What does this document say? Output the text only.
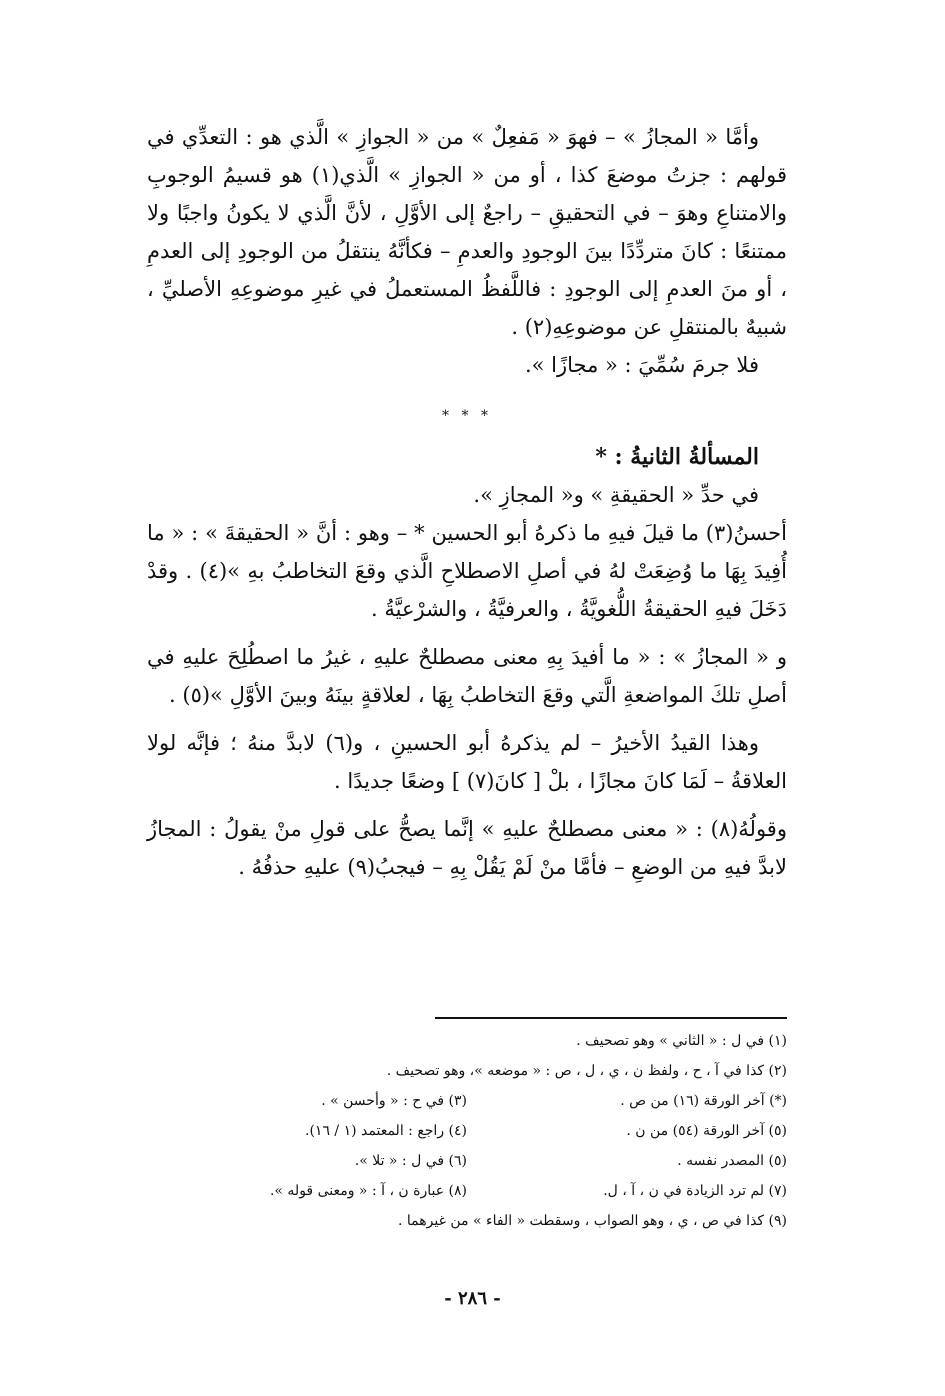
وأمَّا « المجازُ » – فهوَ « مَفعِلٌ » من « الجوازِ » الَّذي هو : التعدِّي في قولهم : جزتُ موضعَ كذا ، أو من « الجوازِ » الَّذي(١) هو قسيمُ الوجوبِ والامتناعِ وهوَ – في التحقيقِ – راجعٌ إلى الأوَّلِ ، لأنَّ الَّذي لا يكونُ واجبًا ولا ممتنعًا : كانَ متردِّدًا بينَ الوجودِ والعدمِ – فكأنَّهُ ينتقلُ من الوجودِ إلى العدمِ ، أو منَ العدمِ إلى الوجودِ : فاللَّفظُ المستعملُ في غيرِ موضوعِهِ الأصليِّ ، شبيهٌ بالمنتقلِ عن موضوعِهِ(٢) .

فلا جرمَ سُمِّيَ : « مجازًا ».

* * *

المسألةُ الثانيةُ : *

في حدِّ « الحقيقةِ » و« المجازِ ».

أحسنُ(٣) ما قيلَ فيهِ ما ذكرهُ أبو الحسين * – وهو : أنَّ « الحقيقةَ » : « ما أُفِيدَ بِهَا ما وُضِعَتْ لهُ في أصلِ الاصطلاحِ الَّذي وقعَ التخاطبُ بهِ »(٤) . وقدْ دَخَلَ فيهِ الحقيقةُ اللُّغويَّةُ ، والعرفيَّةُ ، والشرْعيَّةُ .

و « المجازُ » : « ما أفيدَ بِهِ معنى مصطلحٌ عليهِ ، غيرُ ما اصطُلِحَ عليهِ في أصلِ تلكَ المواضعةِ الَّتي وقعَ التخاطبُ بِهَا ، لعلاقةٍ بينَهُ وبينَ الأوَّلِ »(٥) .

وهذا القيدُ الأخيرُ – لم يذكرهُ أبو الحسينِ ، و(٦) لابدَّ منهُ ؛ فإنَّه لولا العلاقةُ – لَمَا كانَ مجازًا ، بلْ [ كانَ(٧) ] وضعًا جديدًا .

وقولُهُ(٨) : « معنى مصطلحٌ عليهِ » إنَّما يصحُّ على قولِ منْ يقولُ : المجازُ لابدَّ فيهِ من الوضعِ – فأمَّا منْ لَمْ يَقُلْ بِهِ – فيجبُ(٩) عليهِ حذفُهُ .

(١) في ل : « الثاني » وهو تصحيف .
(٢) كذا في آ ، ح ، ولفظ ن ، ي ، ل ، ص : « موضعه »، وهو تصحيف .
(*) آخر الورقة (١٦) من ص .
(٣) في ح : « وأحسن » .
(٥) آخر الورقة (٥٤) من ن .
(٤) راجع : المعتمد (١ / ١٦).
(٥) المصدر نفسه .
(٦) في ل : « تلا ».
(٧) لم ترد الزيادة في ن ، آ ، ل.
(٨) عبارة ن ، آ : « ومعنى قوله ».
(٩) كذا في ص ، ي ، وهو الصواب ، وسقطت « الفاء » من غيرهما .
- ٢٨٦ -
